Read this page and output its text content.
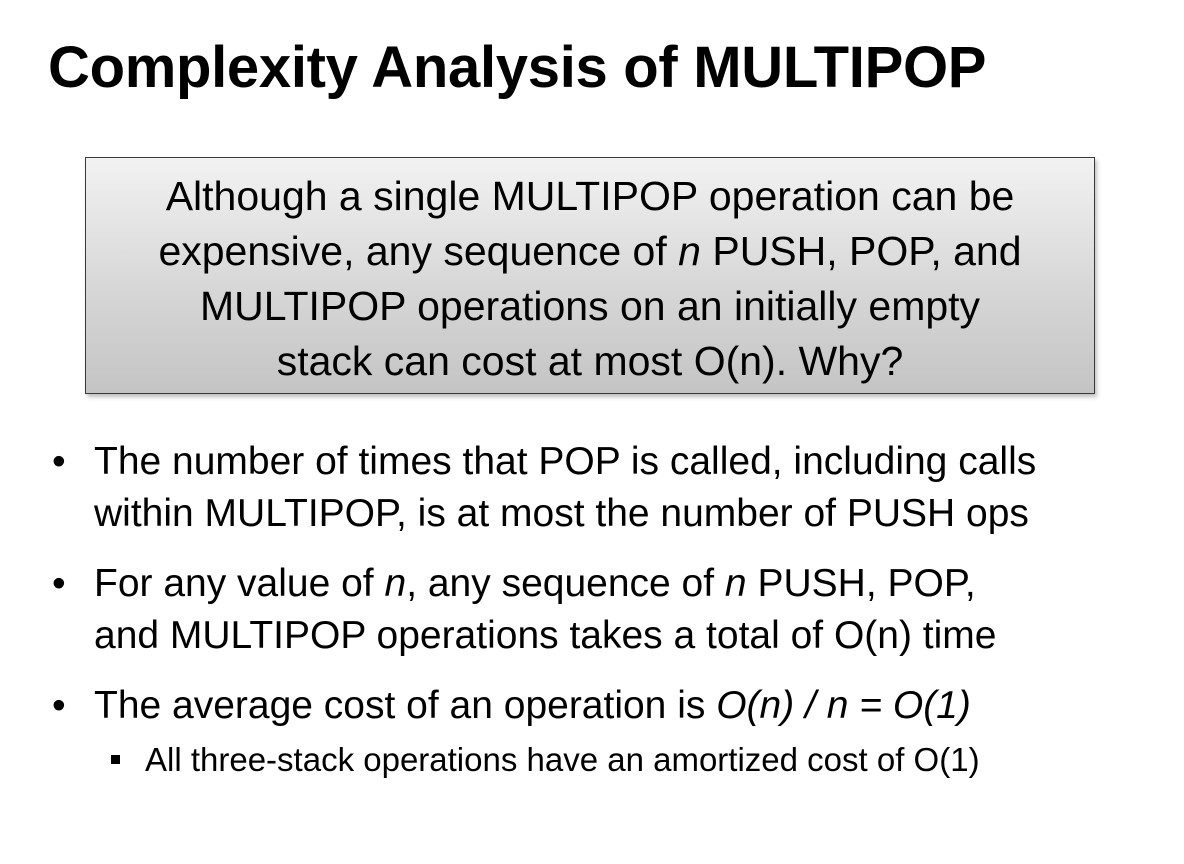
Complexity Analysis of MULTIPOP
Although a single MULTIPOP operation can be
expensive, any sequence of n PUSH, POP, and
MULTIPOP operations on an initially empty
stack can cost at most O(n). Why?
• The number of times that POP is called, including calls
within MULTIPOP, is at most the number of PUSH ops
• For any value of n, any sequence of n PUSH, POP,
and MULTIPOP operations takes a total of O(n) time
• The average cost of an operation is O(n) / n = O(1)
All three-stack operations have an amortized cost of O(1)
